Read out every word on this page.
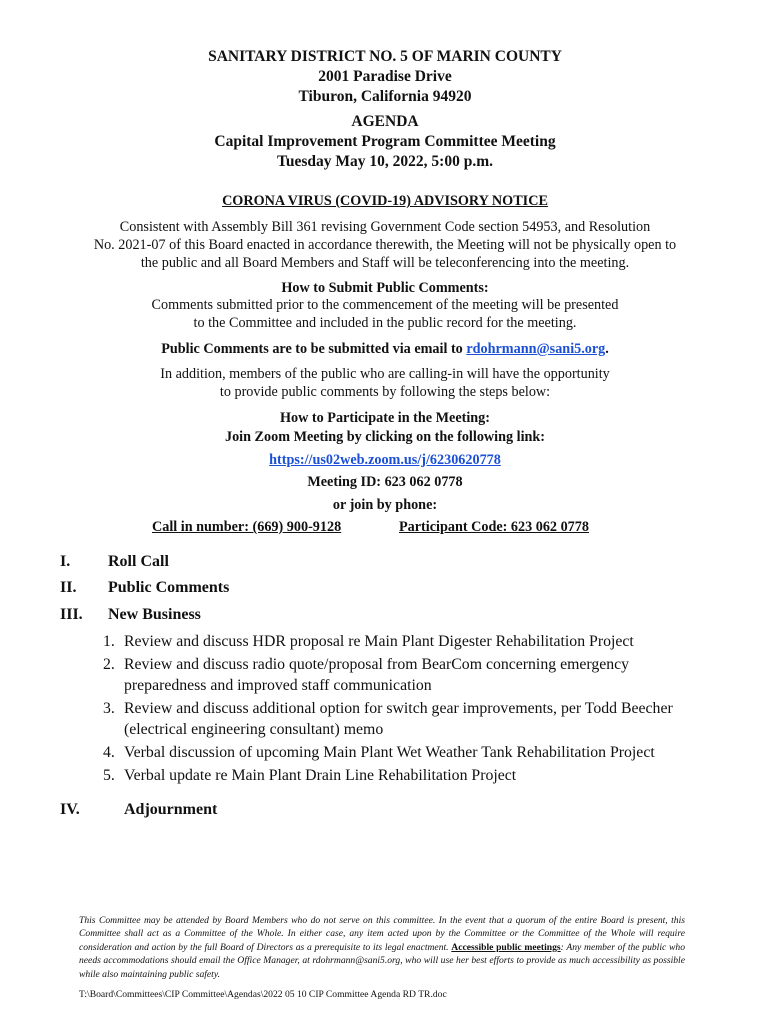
SANITARY DISTRICT NO. 5 OF MARIN COUNTY
2001 Paradise Drive
Tiburon, California 94920
AGENDA
Capital Improvement Program Committee Meeting
Tuesday May 10, 2022, 5:00 p.m.
CORONA VIRUS (COVID-19) ADVISORY NOTICE
Consistent with Assembly Bill 361 revising Government Code section 54953, and Resolution
No. 2021-07 of this Board enacted in accordance therewith, the Meeting will not be physically open to
the public and all Board Members and Staff will be teleconferencing into the meeting.
How to Submit Public Comments:
Comments submitted prior to the commencement of the meeting will be presented
to the Committee and included in the public record for the meeting.
Public Comments are to be submitted via email to rdohrmann@sani5.org.
In addition, members of the public who are calling-in will have the opportunity
to provide public comments by following the steps below:
How to Participate in the Meeting:
Join Zoom Meeting by clicking on the following link:
https://us02web.zoom.us/j/6230620778
Meeting ID: 623 062 0778
or join by phone:
Call in number: (669) 900-9128	Participant Code: 623 062 0778
I. Roll Call
II. Public Comments
III. New Business
1. Review and discuss HDR proposal re Main Plant Digester Rehabilitation Project
2. Review and discuss radio quote/proposal from BearCom concerning emergency preparedness and improved staff communication
3. Review and discuss additional option for switch gear improvements, per Todd Beecher (electrical engineering consultant) memo
4. Verbal discussion of upcoming Main Plant Wet Weather Tank Rehabilitation Project
5. Verbal update re Main Plant Drain Line Rehabilitation Project
IV.	Adjournment
This Committee may be attended by Board Members who do not serve on this committee. In the event that a quorum of the entire Board is present, this Committee shall act as a Committee of the Whole. In either case, any item acted upon by the Committee or the Committee of the Whole will require consideration and action by the full Board of Directors as a prerequisite to its legal enactment. Accessible public meetings: Any member of the public who needs accommodations should email the Office Manager, at rdohrmann@sani5.org, who will use her best efforts to provide as much accessibility as possible while also maintaining public safety.
T:\Board\Committees\CIP Committee\Agendas\2022 05 10 CIP Committee Agenda RD TR.doc
